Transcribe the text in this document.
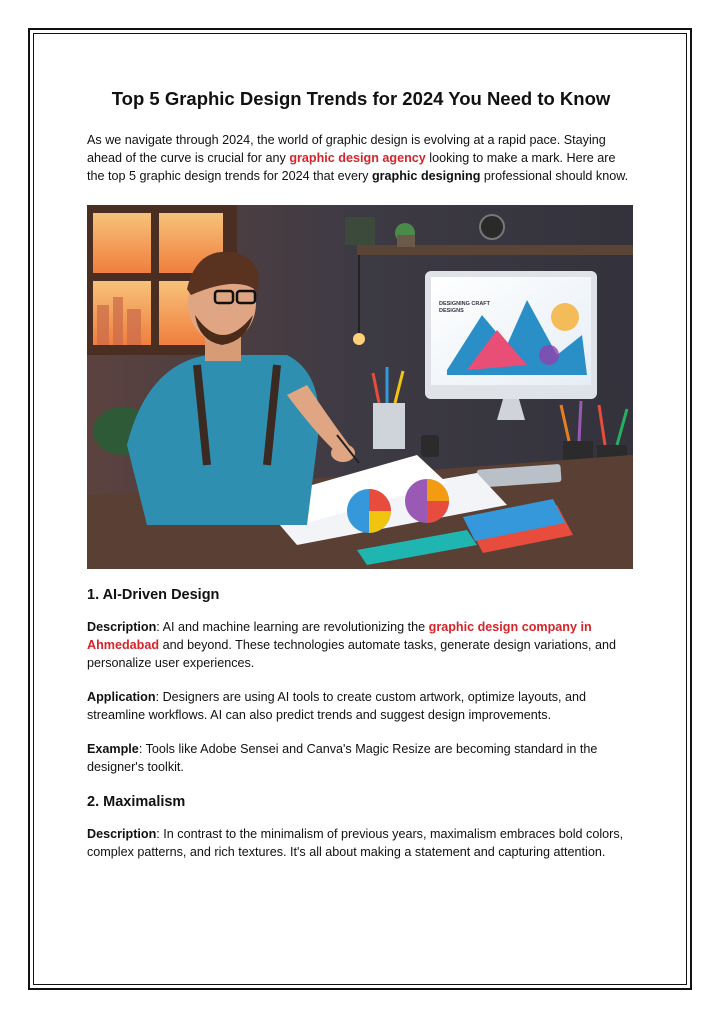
Top 5 Graphic Design Trends for 2024 You Need to Know

As we navigate through 2024, the world of graphic design is evolving at a rapid pace. Staying ahead of the curve is crucial for any graphic design agency looking to make a mark. Here are the top 5 graphic design trends for 2024 that every graphic designing professional should know.

DESIGNING CRAFT
DESIGNS
1. AI-Driven Design

Description: AI and machine learning are revolutionizing the graphic design company in Ahmedabad and beyond. These technologies automate tasks, generate design variations, and personalize user experiences.

Application: Designers are using AI tools to create custom artwork, optimize layouts, and streamline workflows. AI can also predict trends and suggest design improvements.

Example: Tools like Adobe Sensei and Canva's Magic Resize are becoming standard in the designer's toolkit.

2. Maximalism

Description: In contrast to the minimalism of previous years, maximalism embraces bold colors, complex patterns, and rich textures. It's all about making a statement and capturing attention.
